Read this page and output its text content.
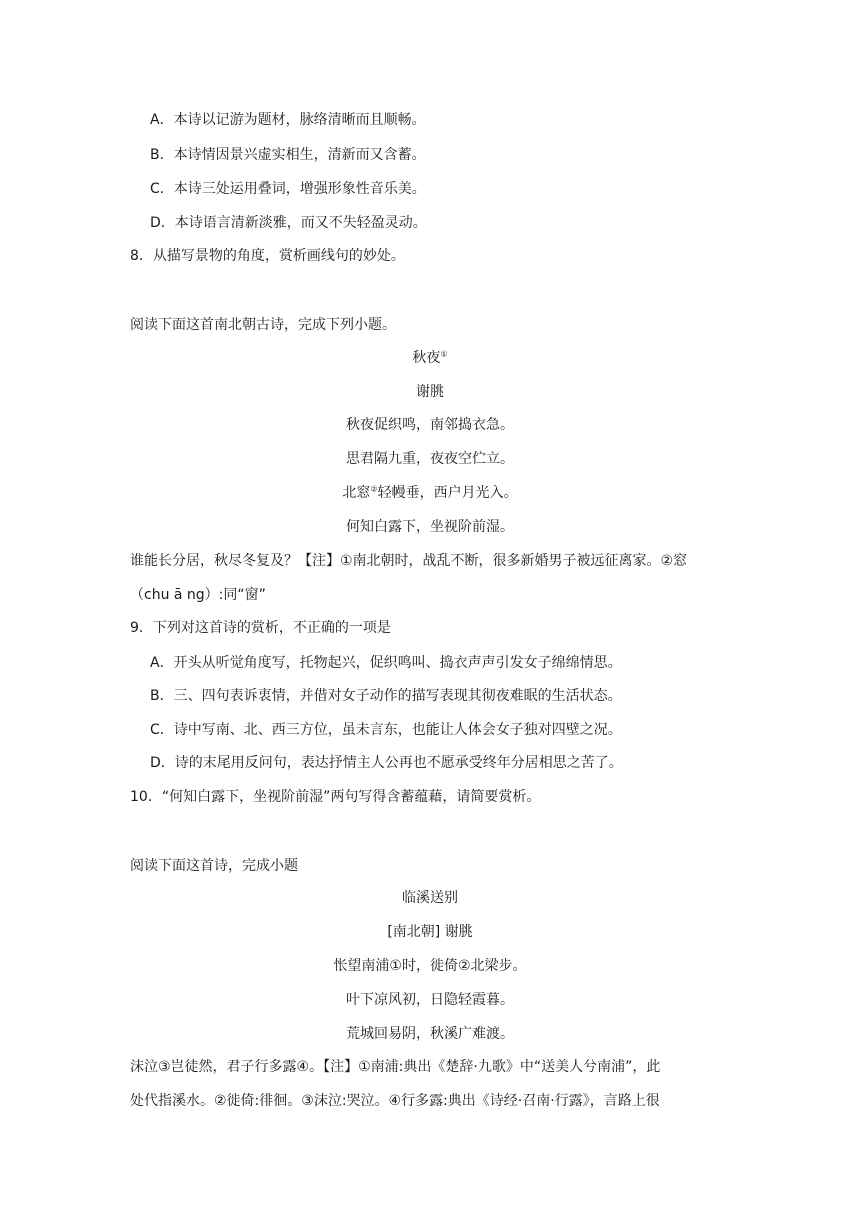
A．本诗以记游为题材，脉络清晰而且顺畅。
B．本诗情因景兴虚实相生，清新而又含蓄。
C．本诗三处运用叠词，增强形象性音乐美。
D．本诗语言清新淡雅，而又不失轻盈灵动。
8．从描写景物的角度，赏析画线句的妙处。
阅读下面这首南北朝古诗，完成下列小题。
秋夜①
谢朓
秋夜促织鸣，南邻捣衣急。
思君隔九重，夜夜空伫立。
北窓②轻幔垂，西户月光入。
何知白露下，坐视阶前湿。
谁能长分居，秋尽冬复及？【注】①南北朝时，战乱不断，很多新婚男子被远征离家。②窓
（chu ā ng）:同“窗”
9．下列对这首诗的赏析，不正确的一项是
A．开头从听觉角度写，托物起兴，促织鸣叫、捣衣声声引发女子绵绵情思。
B．三、四句表诉衷情，并借对女子动作的描写表现其彻夜难眠的生活状态。
C．诗中写南、北、西三方位，虽未言东，也能让人体会女子独对四壁之况。
D．诗的末尾用反问句，表达抒情主人公再也不愿承受终年分居相思之苦了。
10．“何知白露下，坐视阶前湿”两句写得含蓄蕴藉，请简要赏析。
阅读下面这首诗，完成小题
临溪送别
[南北朝] 谢朓
怅望南浦①时，徙倚②北梁步。
叶下凉风初，日隐轻霞暮。
荒城回易阴，秋溪广难渡。
沫泣③岂徒然，君子行多露④。【注】①南浦:典出《楚辞·九歌》中“送美人兮南浦”，此
处代指溪水。②徙倚:徘徊。③沫泣:哭泣。④行多露:典出《诗经·召南·行露》，言路上很
